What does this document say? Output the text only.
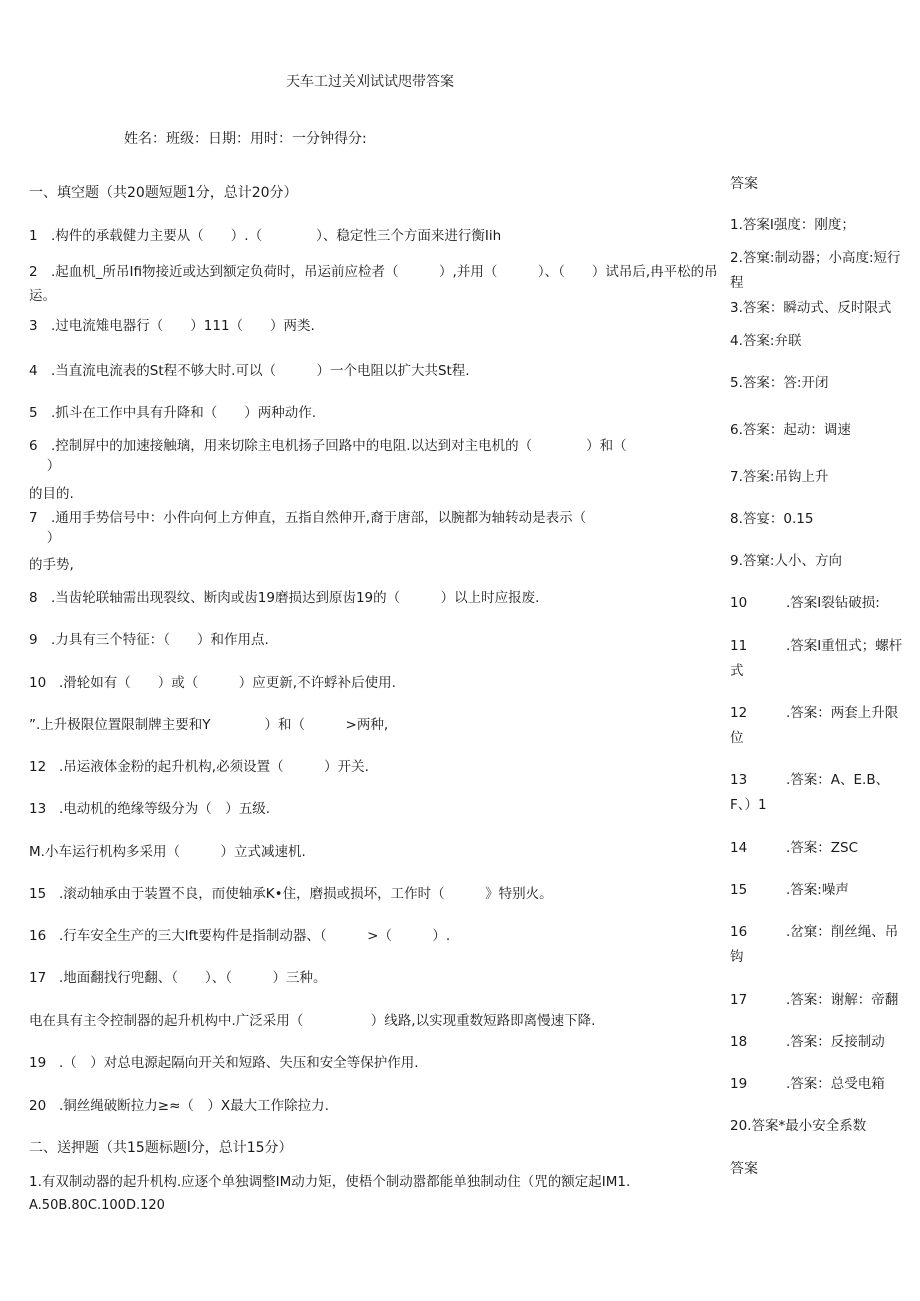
天车工过关刈试试咫带答案
姓名：班级：日期：用时：一分钟得分:
一、填空题（共20题短题1分，总计20分）
1 .构件的承载健力主要从（　　）.（　　　　）、稳定性三个方面来进行衡Iih
2 .起血机_所吊Ifi物接近或达到额定负荷时，吊运前应检者（　　　）,并用（　　　）、（　　）试吊后,冉平松的吊运。
3 .过电流雉电器行（　　）111（　　）两类.
4 .当直流电流表的St程不够大时.可以（　　　）一个电阻以扩大共St程.
5 .抓斗在工作中具有升降和（　　）两种动作.
6 .控制屏中的加速接触璃，用来切除主电机扬子回路中的电阻.以达到对主电机的（　　　　）和（
　 ）
的目的.
7 .通用手势信号中：小件向何上方伸直，五指自然伸开,裔于唐部，以腕都为轴转动是表示（
　 ）
的手势,
8 .当齿轮联轴需出现裂纹、断肉或齿19磨损达到原齿19的（　　　）以上时应报废.
9 .力具有三个特征：（　　）和作用点.
10 .滑轮如有（　　）或（　　　）应更新,不许蜉补后使用.
”.上升极限位置限制牌主要和Y　　　　）和（　　　>两种,
12 .吊运液体金粉的起升机构,必须设置（　　　）开关.
13 .电动机的绝缘等级分为（　）五级.
M.小车运行机构多采用（　　　）立式减速机.
15 .滚动轴承由于装置不良，而使轴承K•住，磨损或损坏，工作时（　　　》特别火。
16 .行车安全生产的三大lft要构件是指制动器、（　　　>（　　　）.
17 .地面翻找行兜翻、（　　）、（　　　）三种。
电在具有主令控制器的起升机构中.广泛采用（　　　　　）线路,以实现重数短路即离慢速下降.
19 .（　）对总电源起隔向开关和短路、失压和安全等保护作用.
20 .铜丝绳破断拉力≥≈（　）X最大工作除拉力.
二、送押题（共15题标题l分，总计15分）
1.有双制动器的起升机构.应逐个单独调整IM动力矩，使梧个制动嚣都能单独制动住（咒的额定起IM1.
A.50B.80C.100D.120
答案
1.答案I强度：刚度；
2.答窠:制动器；小高度:短行程
3.答案：瞬动式、反时限式
4.答案:弁联
5.答案：答:开闭
6.答案：起动：调速
7.答案:吊钩上升
8.答宴：0.15
9.答窠:人小、方向
10	.答案I裂钻破损:
11	.答案I重忸式；螺杆式
12	.答案：两套上升限位
13	.答案：A、E.B、F、）1
14	.答案：ZSC
15	.答案:噪声
16	.岔窠：削丝绳、吊钩
17	.答案：谢解：帝翻
18	.答案：反接制动
19	.答案：总受电箱
20.答案*最小安全系数
答案
